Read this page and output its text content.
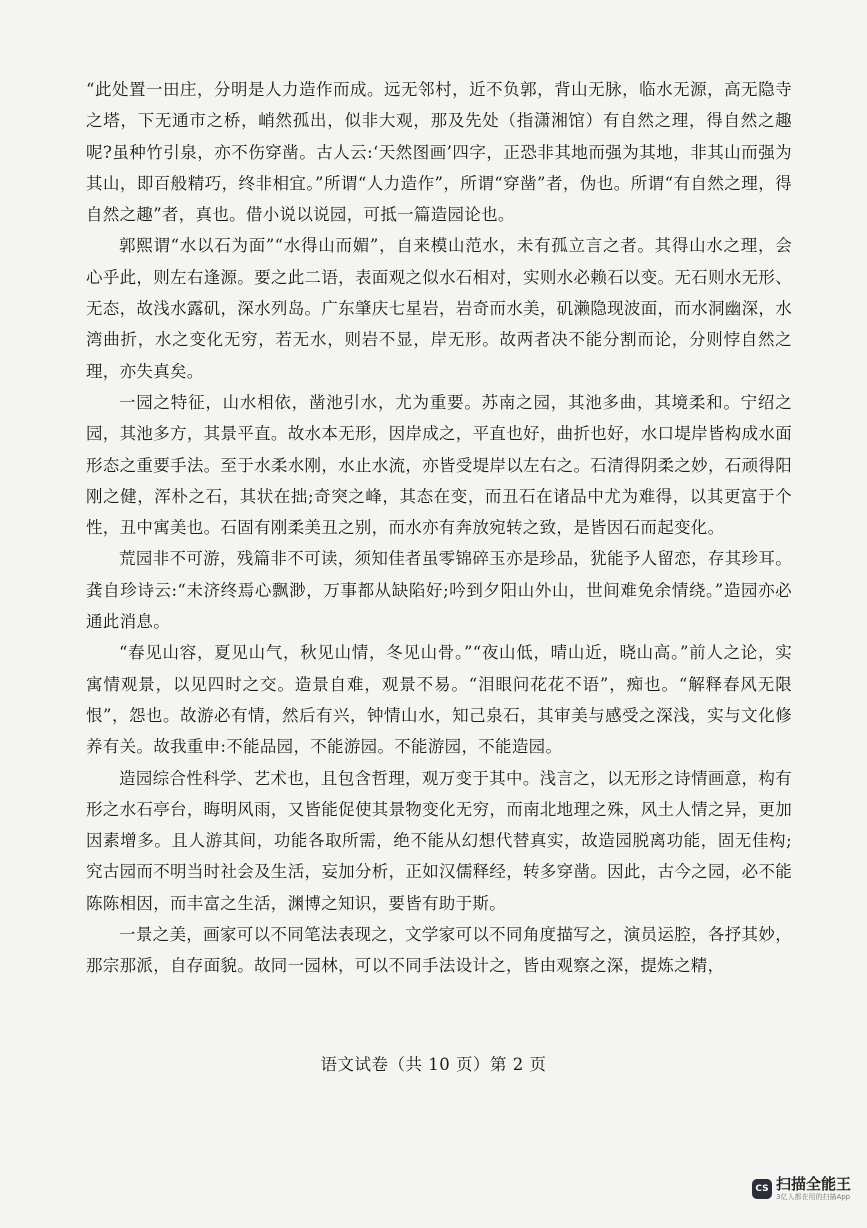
“此处置一田庄，分明是人力造作而成。远无邻村，近不负郭，背山无脉，临水无源，高无隐寺之塔，下无通市之桥，峭然孤出，似非大观，那及先处（指潇湘馆）有自然之理，得自然之趣呢?虽种竹引泉，亦不伤穿凿。古人云:‘天然图画’四字，正恐非其地而强为其地，非其山而强为其山，即百般精巧，终非相宜。”所谓“人力造作”，所谓“穿凿”者，伪也。所谓“有自然之理，得自然之趣”者，真也。借小说以说园，可抵一篇造园论也。

郭熙谓“水以石为面”“水得山而媚”，自来模山范水，未有孤立言之者。其得山水之理，会心乎此，则左右逢源。要之此二语，表面观之似水石相对，实则水必赖石以变。无石则水无形、无态，故浅水露矶，深水列岛。广东肇庆七星岩，岩奇而水美，矶濑隐现波面，而水洞幽深，水湾曲折，水之变化无穷，若无水，则岩不显，岸无形。故两者决不能分割而论，分则悖自然之理，亦失真矣。

一园之特征，山水相依，凿池引水，尤为重要。苏南之园，其池多曲，其境柔和。宁绍之园，其池多方，其景平直。故水本无形，因岸成之，平直也好，曲折也好，水口堤岸皆构成水面形态之重要手法。至于水柔水刚，水止水流，亦皆受堤岸以左右之。石清得阴柔之妙，石顽得阳刚之健，浑朴之石，其状在拙;奇突之峰，其态在变，而丑石在诸品中尤为难得，以其更富于个性，丑中寓美也。石固有刚柔美丑之别，而水亦有奔放宛转之致，是皆因石而起变化。

荒园非不可游，残篇非不可读，须知佳者虽零锦碎玉亦是珍品，犹能予人留恋，存其珍耳。龚自珍诗云:“未济终焉心飘渺，万事都从缺陷好;吟到夕阳山外山，世间难免余情绕。”造园亦必通此消息。

“春见山容，夏见山气，秋见山情，冬见山骨。”“夜山低，晴山近，晓山高。”前人之论，实寓情观景，以见四时之交。造景自难，观景不易。“泪眼问花花不语”，痴也。“解释春风无限恨”，怨也。故游必有情，然后有兴，钟情山水，知己泉石，其审美与感受之深浅，实与文化修养有关。故我重申:不能品园，不能游园。不能游园，不能造园。

造园综合性科学、艺术也，且包含哲理，观万变于其中。浅言之，以无形之诗情画意，构有形之水石亭台，晦明风雨，又皆能促使其景物变化无穷，而南北地理之殊，风土人情之异，更加因素增多。且人游其间，功能各取所需，绝不能从幻想代替真实，故造园脱离功能，固无佳构;究古园而不明当时社会及生活，妄加分析，正如汉儒释经，转多穿凿。因此，古今之园，必不能陈陈相因，而丰富之生活，渊博之知识，要皆有助于斯。

一景之美，画家可以不同笔法表现之，文学家可以不同角度描写之，演员运腔，各抒其妙，那宗那派，自存面貌。故同一园林，可以不同手法设计之，皆由观察之深，提炼之精，

语文试卷（共 10 页）第 2 页
CS 扫描全能王
3亿人都在用的扫描App
